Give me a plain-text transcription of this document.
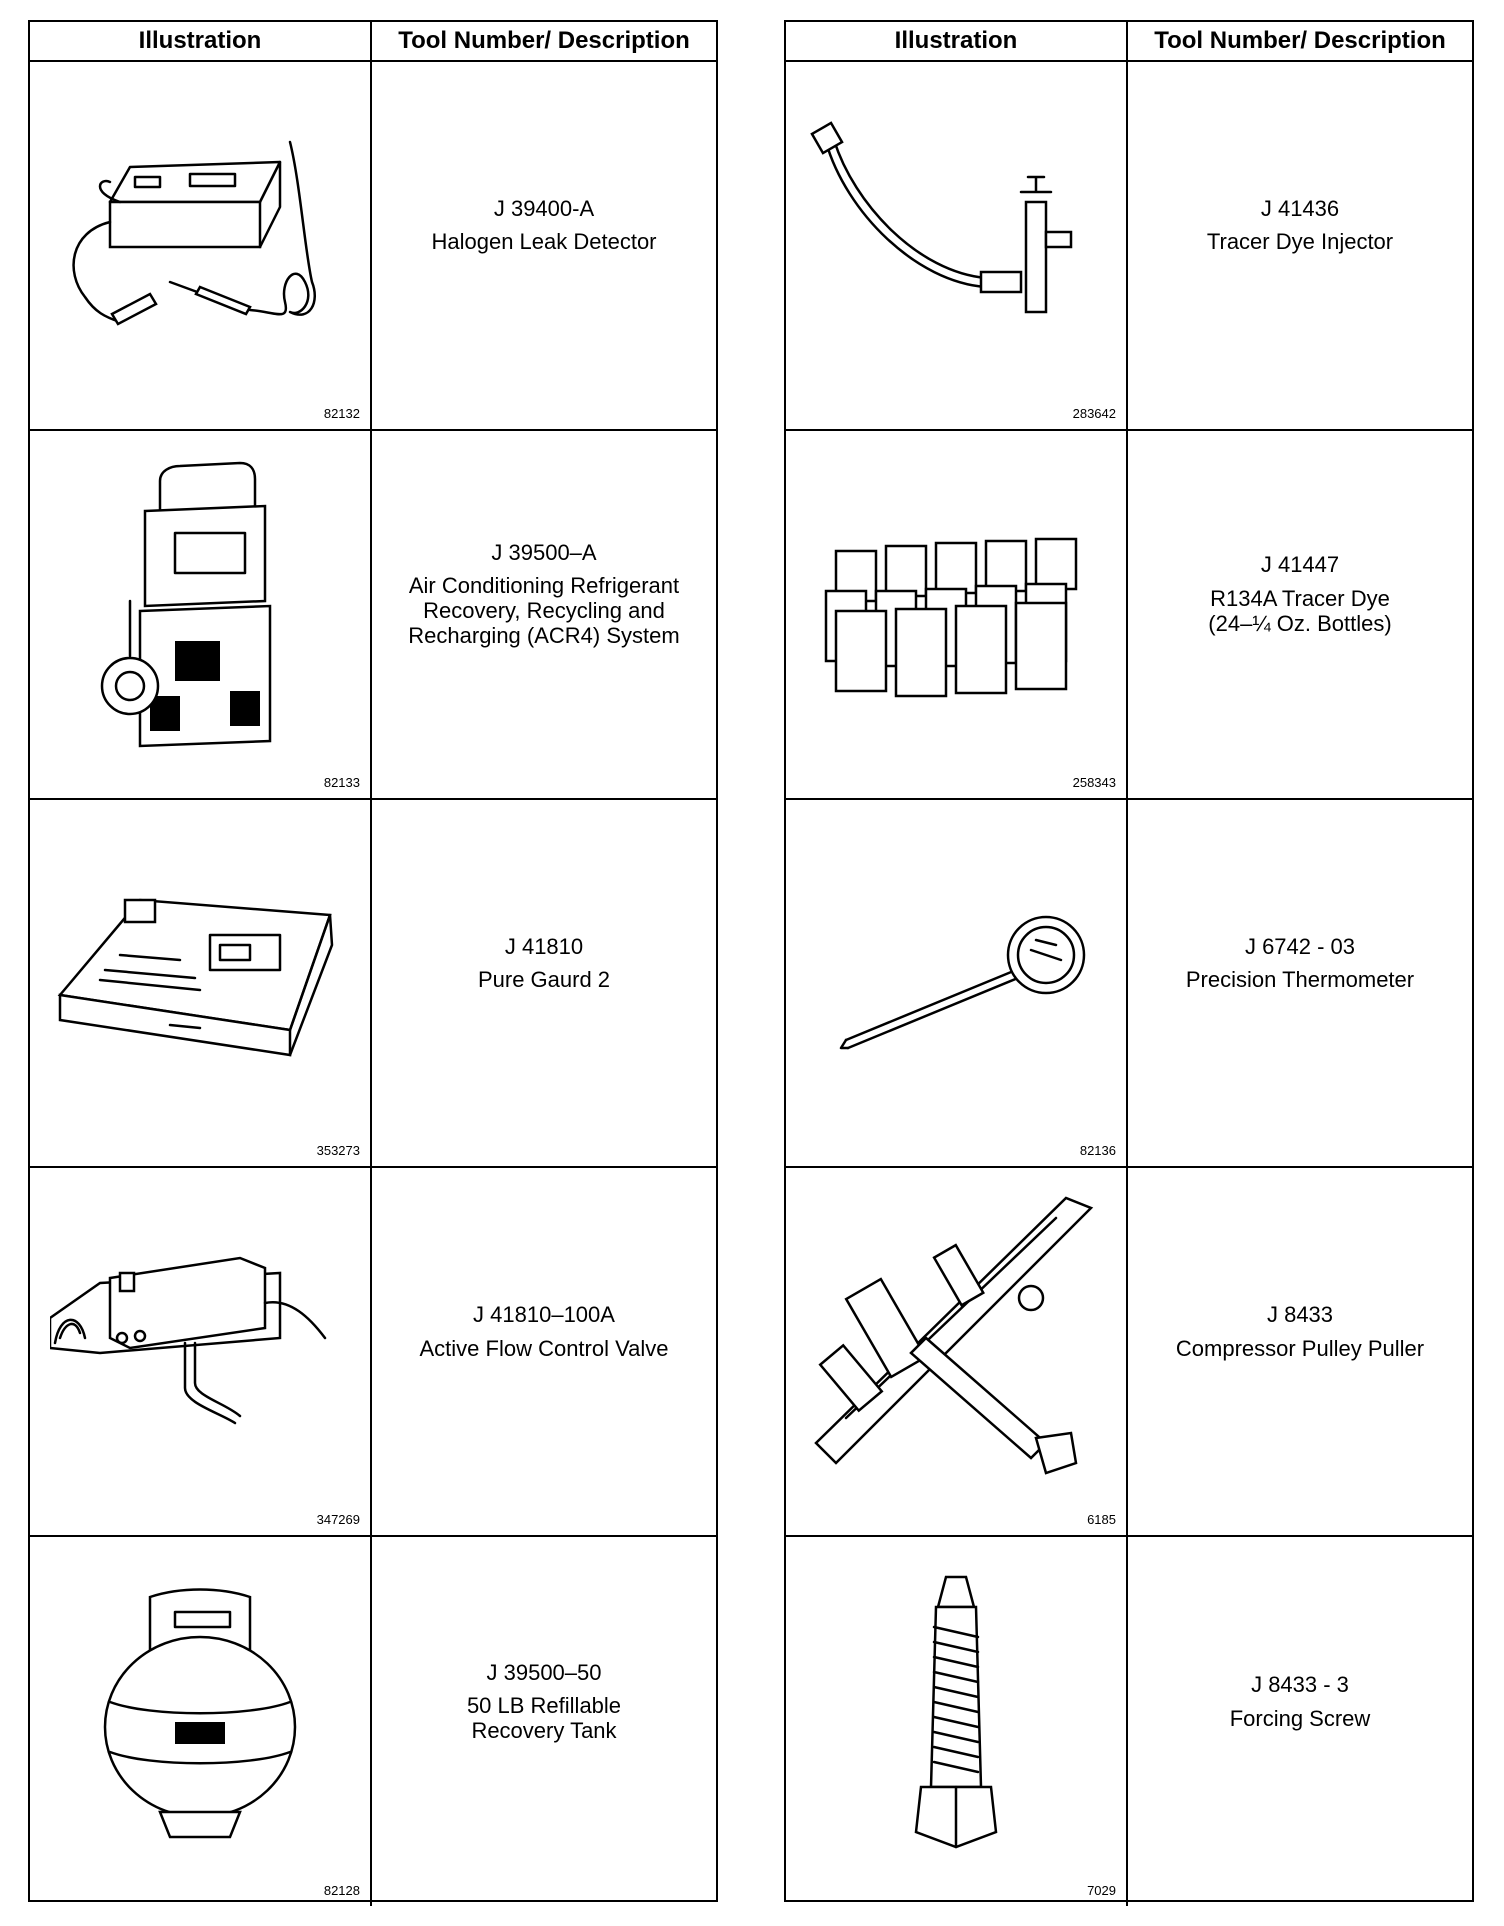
Illustration	Tool Number/ Description
82132
J 39400-A
Halogen Leak Detector
82133
J 39500–A
Air Conditioning Refrigerant
Recovery, Recycling and
Recharging (ACR4) System
353273
J 41810
Pure Gaurd 2
347269
J 41810–100A
Active Flow Control Valve
82128
J 39500–50
50 LB Refillable
Recovery Tank
Illustration	Tool Number/ Description
283642
J 41436
Tracer Dye Injector
258343
J 41447
R134A Tracer Dye
(24–¼ Oz. Bottles)
82136
J 6742 - 03
Precision Thermometer
6185
J 8433
Compressor Pulley Puller
7029
J 8433 - 3
Forcing Screw
